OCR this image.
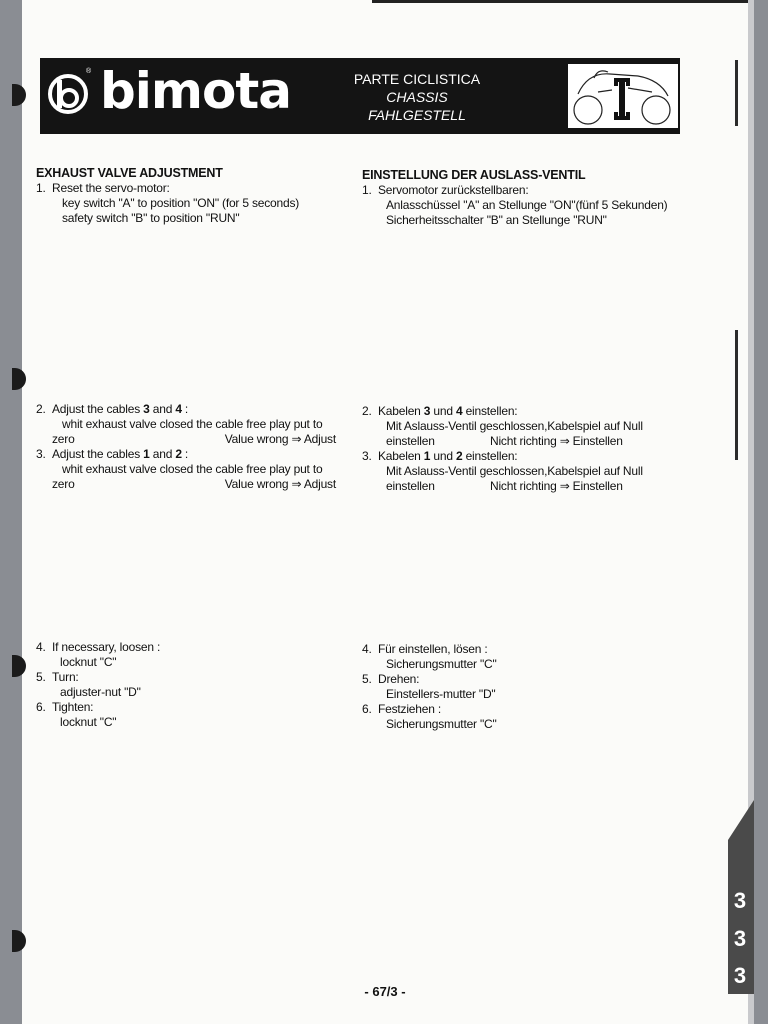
® bimota	PARTE CICLISTICA
CHASSIS
FAHLGESTELL
EXHAUST VALVE ADJUSTMENT
1. Reset the servo-motor:
key switch "A" to position "ON" (for 5 seconds)
safety switch "B" to position "RUN"
2. Adjust the cables 3 and 4 :
whit exhaust valve closed the cable free play put to
zero	Value wrong ⇒ Adjust
3. Adjust the cables 1 and 2 :
whit exhaust valve closed the cable free play put to
zero	Value wrong ⇒ Adjust
4. If necessary, loosen :
locknut "C"
5. Turn:
adjuster-nut "D"
6. Tighten:
locknut "C"
EINSTELLUNG DER AUSLASS-VENTIL
1. Servomotor zurückstellbaren:
Anlasschüssel "A" an Stellunge "ON"(fünf 5 Sekunden)
Sicherheitsschalter "B" an Stellunge "RUN"
2. Kabelen 3 und 4 einstellen:
Mit Aslauss-Ventil geschlossen,Kabelspiel auf Null
einstellen	Nicht richting ⇒ Einstellen
3. Kabelen 1 und 2 einstellen:
Mit Aslauss-Ventil geschlossen,Kabelspiel auf Null
einstellen	Nicht richting ⇒ Einstellen
4. Für einstellen, lösen :
Sicherungsmutter "C"
5. Drehen:
Einstellers-mutter "D"
6. Festziehen :
Sicherungsmutter "C"
- 67/3 -
3
3
3
